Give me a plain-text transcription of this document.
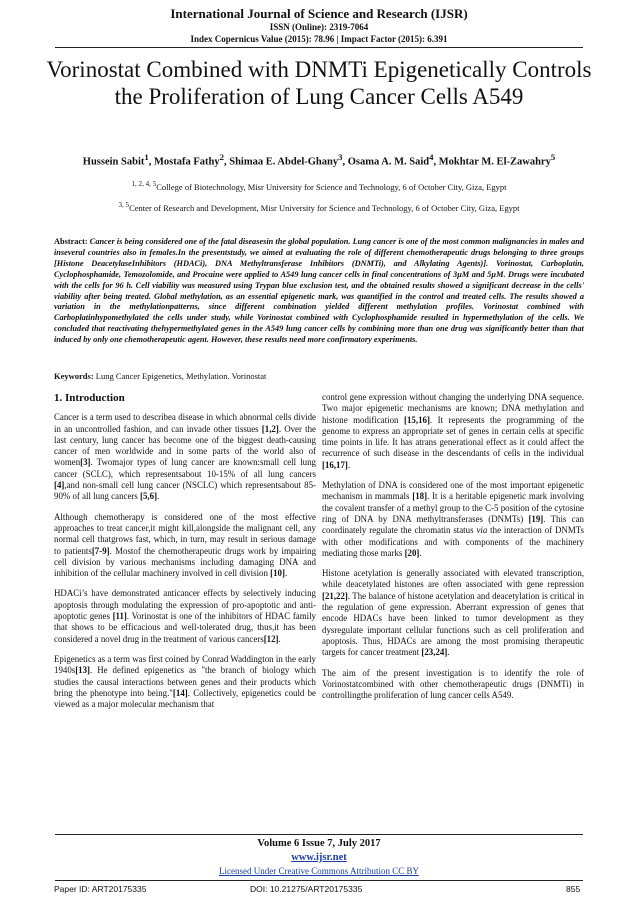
International Journal of Science and Research (IJSR)
ISSN (Online): 2319-7064
Index Copernicus Value (2015): 78.96 | Impact Factor (2015): 6.391
Vorinostat Combined with DNMTi Epigenetically Controls the Proliferation of Lung Cancer Cells A549
Hussein Sabit$^1$, Mostafa Fathy$^2$, Shimaa E. Abdel-Ghany$^3$, Osama A. M. Said$^4$, Mokhtar M. El-Zawahry$^5$
$^{1, 2, 4, 5}$College of Biotechnology, Misr University for Science and Technology, 6 of October City, Giza, Egypt
$^{3, 5}$Center of Research and Development, Misr University for Science and Technology, 6 of October City, Giza, Egypt

Abstract: Cancer is being considered one of the fatal diseasesin the global population. Lung cancer is one of the most common malignancies in males and inseveral countries also in females.In the presentstudy, we aimed at evaluating the role of different chemotherapeutic drugs belonging to three groups [Histone DeacetylaseInhibitors (HDACi), DNA Methyltransferase Inhibitors (DNMTi), and Alkylating Agents)]. Vorinostat, Carboplatin, Cyclophosphamide, Temozolomide, and Procaine were applied to A549 lung cancer cells in final concentrations of 3µM and 5µM. Drugs were incubated with the cells for 96 h. Cell viability was measured using Trypan blue exclusion test, and the obtained results showed a significant decrease in the cells' viability after being treated. Global methylation, as an essential epigenetic mark, was quantified in the control and treated cells. The results showed a variation in the methylationpatterns, since different combination yielded different methylation profiles. Vorinostat combined with Carboplatinhypomethylated the cells under study, while Vorinostat combined with Cyclophosphamide resulted in hypermethylation of the cells. We concluded that reactivating thehypermethylated genes in the A549 lung cancer cells by combining more than one drug was significantly better than that induced by only one chemotherapeutic agent. However, these results need more confirmatory experiments.

Keywords: Lung Cancer Epigenetics, Methylation. Vorinostat
1. Introduction

Cancer is a term used to describea disease in which abnormal cells divide in an uncontrolled fashion, and can invade other tissues [1,2]. Over the last century, lung cancer has become one of the biggest death-causing cancer of men worldwide and in some parts of the world also of women[3]. Twomajor types of lung cancer are known:small cell lung cancer (SCLC), which representsabout 10-15% of all lung cancers [4],and non-small cell lung cancer (NSCLC) which representsabout 85-90% of all lung cancers [5,6].

Although chemotherapy is considered one of the most effective approaches to treat cancer,it might kill,alongside the malignant cell, any normal cell thatgrows fast, which, in turn, may result in serious damage to patients[7-9]. Mostof the chemotherapeutic drugs work by impairing cell division by various mechanisms including damaging DNA and inhibition of the cellular machinery involved in cell division [10].

HDACi’s have demonstrated anticancer effects by selectively inducing apoptosis through modulating the expression of pro-apoptotic and anti-apoptotic genes [11]. Vorinostat is one of the inhibitors of HDAC family that shows to be efficacious and well-tolerated drug, thus,it has been considered a novel drug in the treatment of various cancers[12].

Epigenetics as a term was first coined by Conrad Waddington in the early 1940s[13]. He defined epigenetics as "the branch of biology which studies the causal interactions between genes and their products which bring the phenotype into being."[14]. Collectively, epigenetics could be viewed as a major molecular mechanism that

control gene expression without changing the underlying DNA sequence. Two major epigenetic mechanisms are known; DNA methylation and histone modification [15,16]. It represents the programming of the genome to express an appropriate set of genes in certain cells at specific time points in life. It has atrans generational effect as it could affect the recurrence of such disease in the descendants of cells in the individual [16,17].

Methylation of DNA is considered one of the most important epigenetic mechanism in mammals [18]. It is a heritable epigenetic mark involving the covalent transfer of a methyl group to the C-5 position of the cytosine ring of DNA by DNA methyltransferases (DNMTs) [19]. This can coordinately regulate the chromatin status via the interaction of DNMTs with other modifications and with components of the machinery mediating those marks [20].

Histone acetylation is generally associated with elevated transcription, while deacetylated histones are often associated with gene repression [21,22]. The balance of histone acetylation and deacetylation is critical in the regulation of gene expression. Aberrant expression of genes that encode HDACs have been linked to tumor development as they dysregulate important cellular functions such as cell proliferation and apoptosis. Thus, HDACs are among the most promising therapeutic targets for cancer treatment [23,24].

The aim of the present investigation is to identify the role of Vorinostatcombined with other chemotherapeutic drugs (DNMTi) in controllingthe proliferation of lung cancer cells A549.

Volume 6 Issue 7, July 2017
www.ijsr.net
Licensed Under Creative Commons Attribution CC BY
Paper ID: ART20175335	DOI: 10.21275/ART20175335	855
